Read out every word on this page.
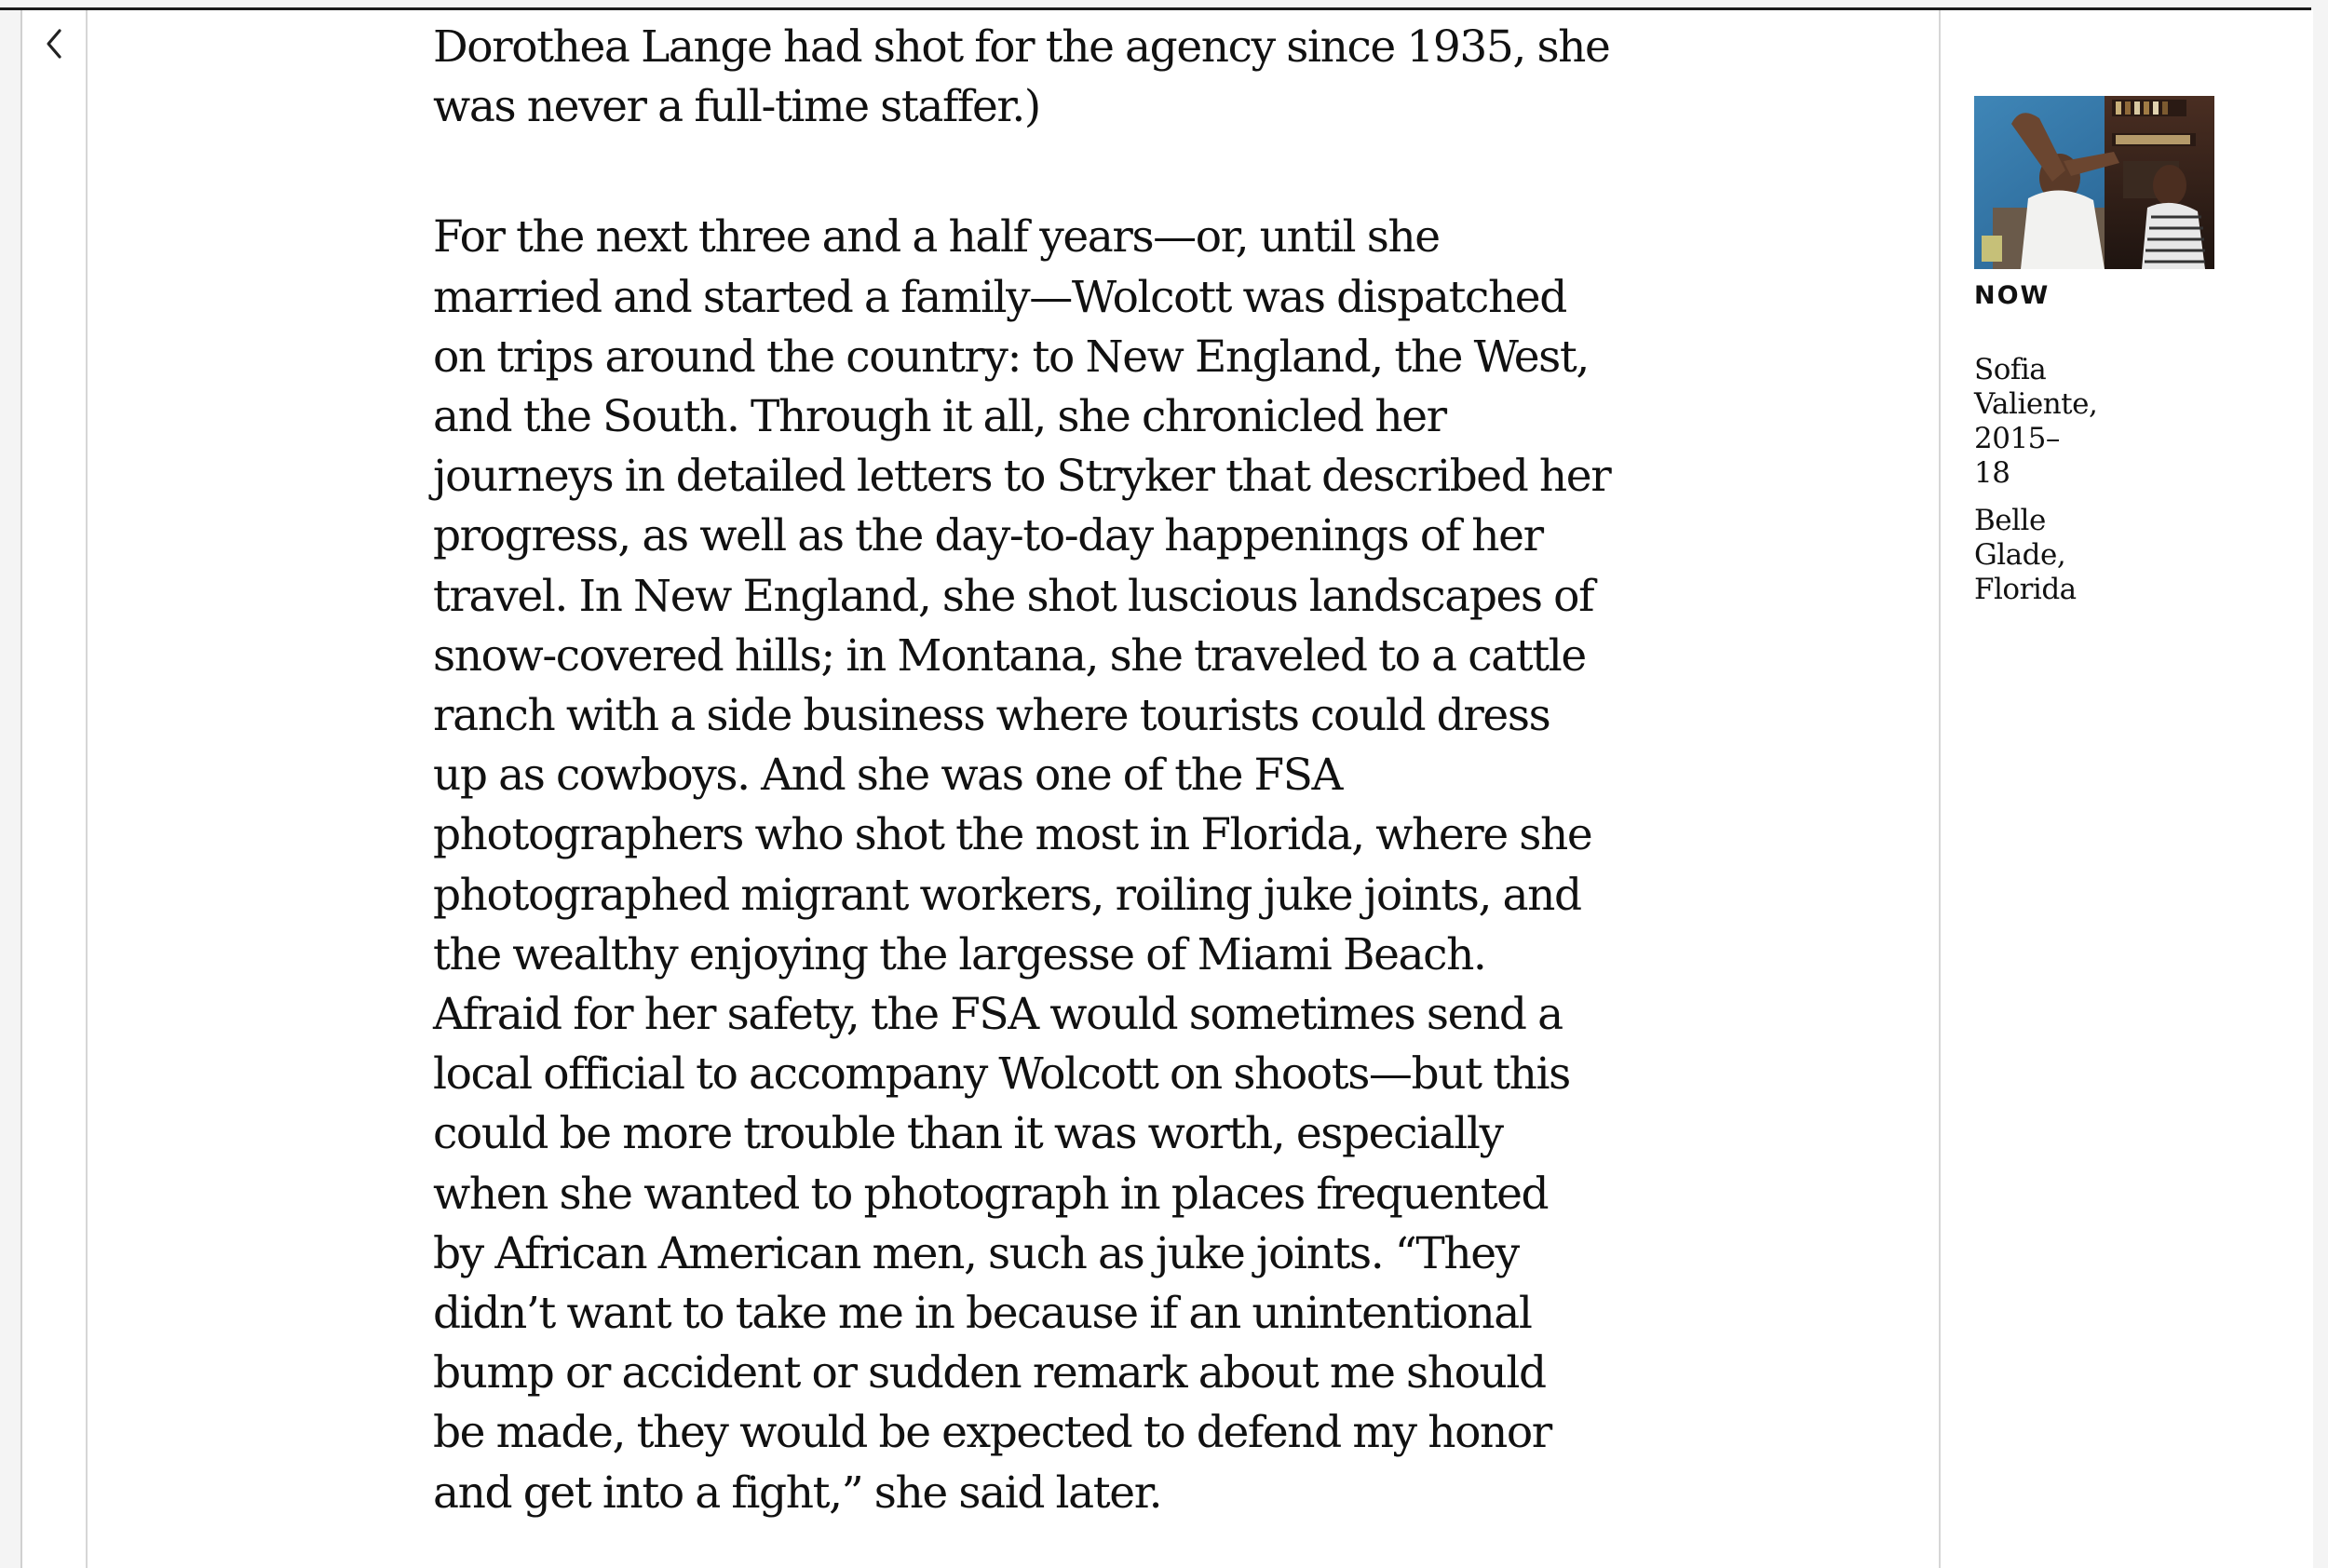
Dorothea Lange had shot for the agency since 1935, she
was never a full-time staffer.)

For the next three and a half years—or, until she
married and started a family—Wolcott was dispatched
on trips around the country: to New England, the West,
and the South. Through it all, she chronicled her
journeys in detailed letters to Stryker that described her
progress, as well as the day-to-day happenings of her
travel. In New England, she shot luscious landscapes of
snow-covered hills; in Montana, she traveled to a cattle
ranch with a side business where tourists could dress
up as cowboys. And she was one of the FSA
photographers who shot the most in Florida, where she
photographed migrant workers, roiling juke joints, and
the wealthy enjoying the largesse of Miami Beach.
Afraid for her safety, the FSA would sometimes send a
local official to accompany Wolcott on shoots—but this
could be more trouble than it was worth, especially
when she wanted to photograph in places frequented
by African American men, such as juke joints. “They
didn’t want to take me in because if an unintentional
bump or accident or sudden remark about me should
be made, they would be expected to defend my honor
and get into a fight,” she said later.

NOW
Sofia
Valiente,
2015–
18
Belle
Glade,
Florida
